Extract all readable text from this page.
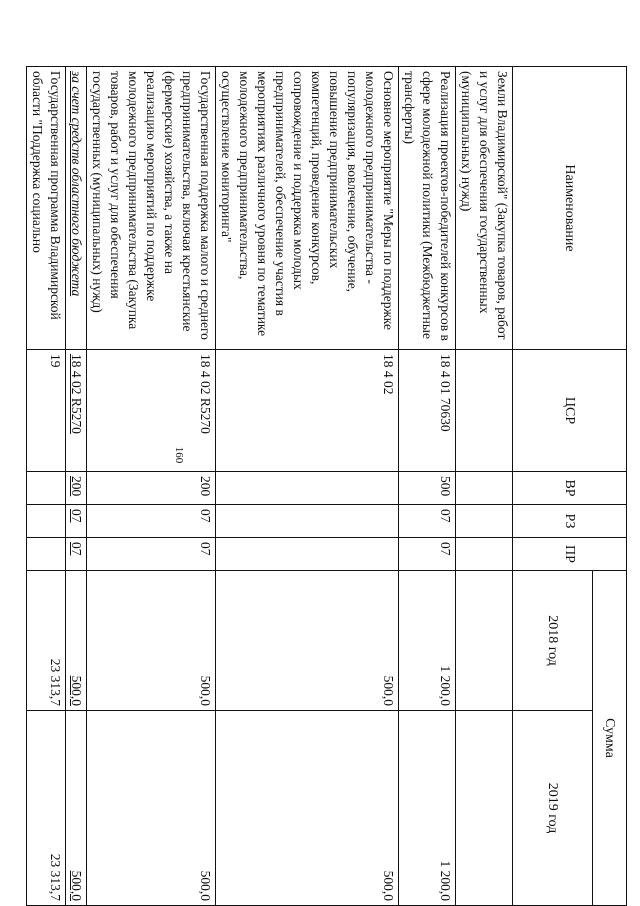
160
Наименование	ЦСР	ВР	РЗ	ПР	Сумма	
					2018 год	2019 год
Земли Владимирской" (Закупка товаров, работ и услуг для обеспечения государственных (муниципальных) нужд)						
Реализация проектов-победителей конкурсов в сфере молодежной политики (Межбюджетные трансферты)	18 4 01 70630	500	07	07	1 200,0	1 200,0
Основное мероприятие "Меры по поддержке молодежного предпринимательства - популяризация, вовлечение, обучение, повышение предпринимательских компетенций, проведение конкурсов, сопровождение и поддержка молодых предпринимателей, обеспечение участия в мероприятиях различного уровня по тематике молодежного предпринимательства, осуществление мониторинга"	18 4 02				500,0	500,0
Государственная поддержка малого и среднего предпринимательства, включая крестьянские (фермерские) хозяйства, а также на реализацию мероприятий по поддержке молодежного предпринимательства (Закупка товаров, работ и услуг для обеспечения государственных (муниципальных) нужд)	18 4 02 R5270	200	07	07	500,0	500,0
за счет средств областного бюджета	18 4 02 R5270	200	07	07	500,0	500,0
Государственная программа Владимирской области "Поддержка социально	19				23 313,7	23 313,7
